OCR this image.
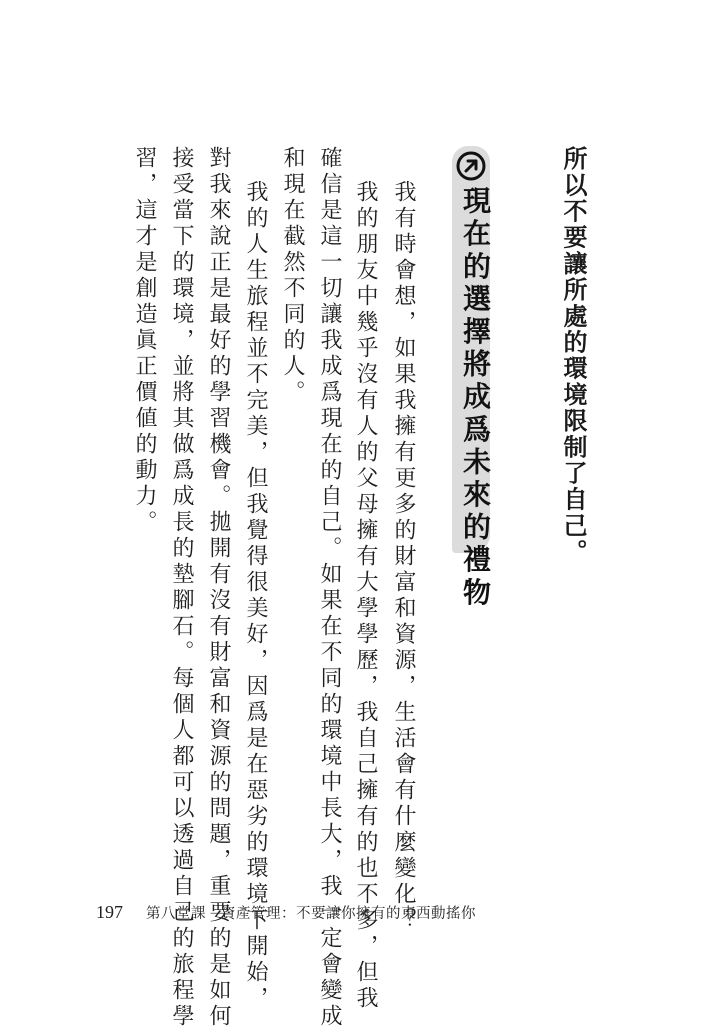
所以不要讓所處的環境限制了自己。
現在的選擇將成爲未來的禮物
我有時會想，如果我擁有更多的財富和資源，生活會有什麼變化？
我的朋友中幾乎沒有人的父母擁有大學學歷，我自己擁有的也不多，但我
確信是這一切讓我成爲現在的自己。如果在不同的環境中長大，我一定會變成
和現在截然不同的人。
我的人生旅程並不完美，但我覺得很美好，因爲是在惡劣的環境下開始，
對我來說正是最好的學習機會。拋開有沒有財富和資源的問題，重要的是如何
接受當下的環境，並將其做爲成長的墊腳石。每個人都可以透過自己的旅程學
習，這才是創造眞正價値的動力。
197 第八堂課　資產管理：不要讓你擁有的東西動搖你
